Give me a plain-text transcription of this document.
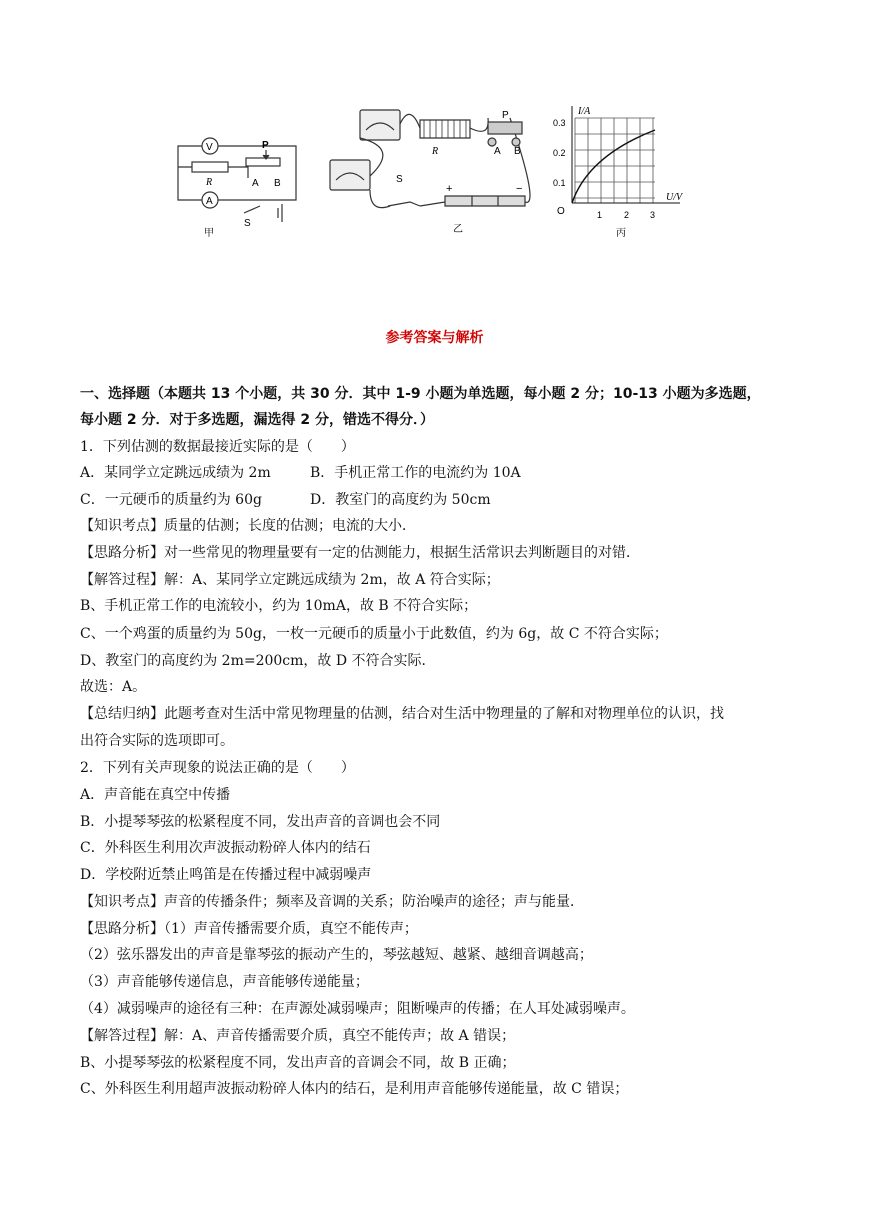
V
A
R
P
A B
S
甲
R
P
A B
S
+	−
乙
I/A
U/V
O
0.3
0.2
0.1
1 2 3
丙
参考答案与解析
一、选择题（本题共 13 个小题，共 30 分．其中 1-9 小题为单选题，每小题 2 分；10-13 小题为多选题，
每小题 2 分．对于多选题，漏选得 2 分，错选不得分．）
1．下列估测的数据最接近实际的是（　　）
A．某同学立定跳远成绩为 2m	B．手机正常工作的电流约为 10A
C．一元硬币的质量约为 60g	D．教室门的高度约为 50cm
【知识考点】质量的估测；长度的估测；电流的大小．
【思路分析】对一些常见的物理量要有一定的估测能力，根据生活常识去判断题目的对错．
【解答过程】解：A、某同学立定跳远成绩为 2m，故 A 符合实际；
B、手机正常工作的电流较小，约为 10mA，故 B 不符合实际；
C、一个鸡蛋的质量约为 50g，一枚一元硬币的质量小于此数值，约为 6g，故 C 不符合实际；
D、教室门的高度约为 2m=200cm，故 D 不符合实际．
故选：A。
【总结归纳】此题考查对生活中常见物理量的估测，结合对生活中物理量的了解和对物理单位的认识，找
出符合实际的选项即可。
2．下列有关声现象的说法正确的是（　　）
A．声音能在真空中传播
B．小提琴琴弦的松紧程度不同，发出声音的音调也会不同
C．外科医生利用次声波振动粉碎人体内的结石
D．学校附近禁止鸣笛是在传播过程中减弱噪声
【知识考点】声音的传播条件；频率及音调的关系；防治噪声的途径；声与能量．
【思路分析】（1）声音传播需要介质，真空不能传声；
（2）弦乐器发出的声音是靠琴弦的振动产生的，琴弦越短、越紧、越细音调越高；
（3）声音能够传递信息，声音能够传递能量；
（4）减弱噪声的途径有三种：在声源处减弱噪声；阻断噪声的传播；在人耳处减弱噪声。
【解答过程】解：A、声音传播需要介质，真空不能传声；故 A 错误；
B、小提琴琴弦的松紧程度不同，发出声音的音调会不同，故 B 正确；
C、外科医生利用超声波振动粉碎人体内的结石，是利用声音能够传递能量，故 C 错误；
